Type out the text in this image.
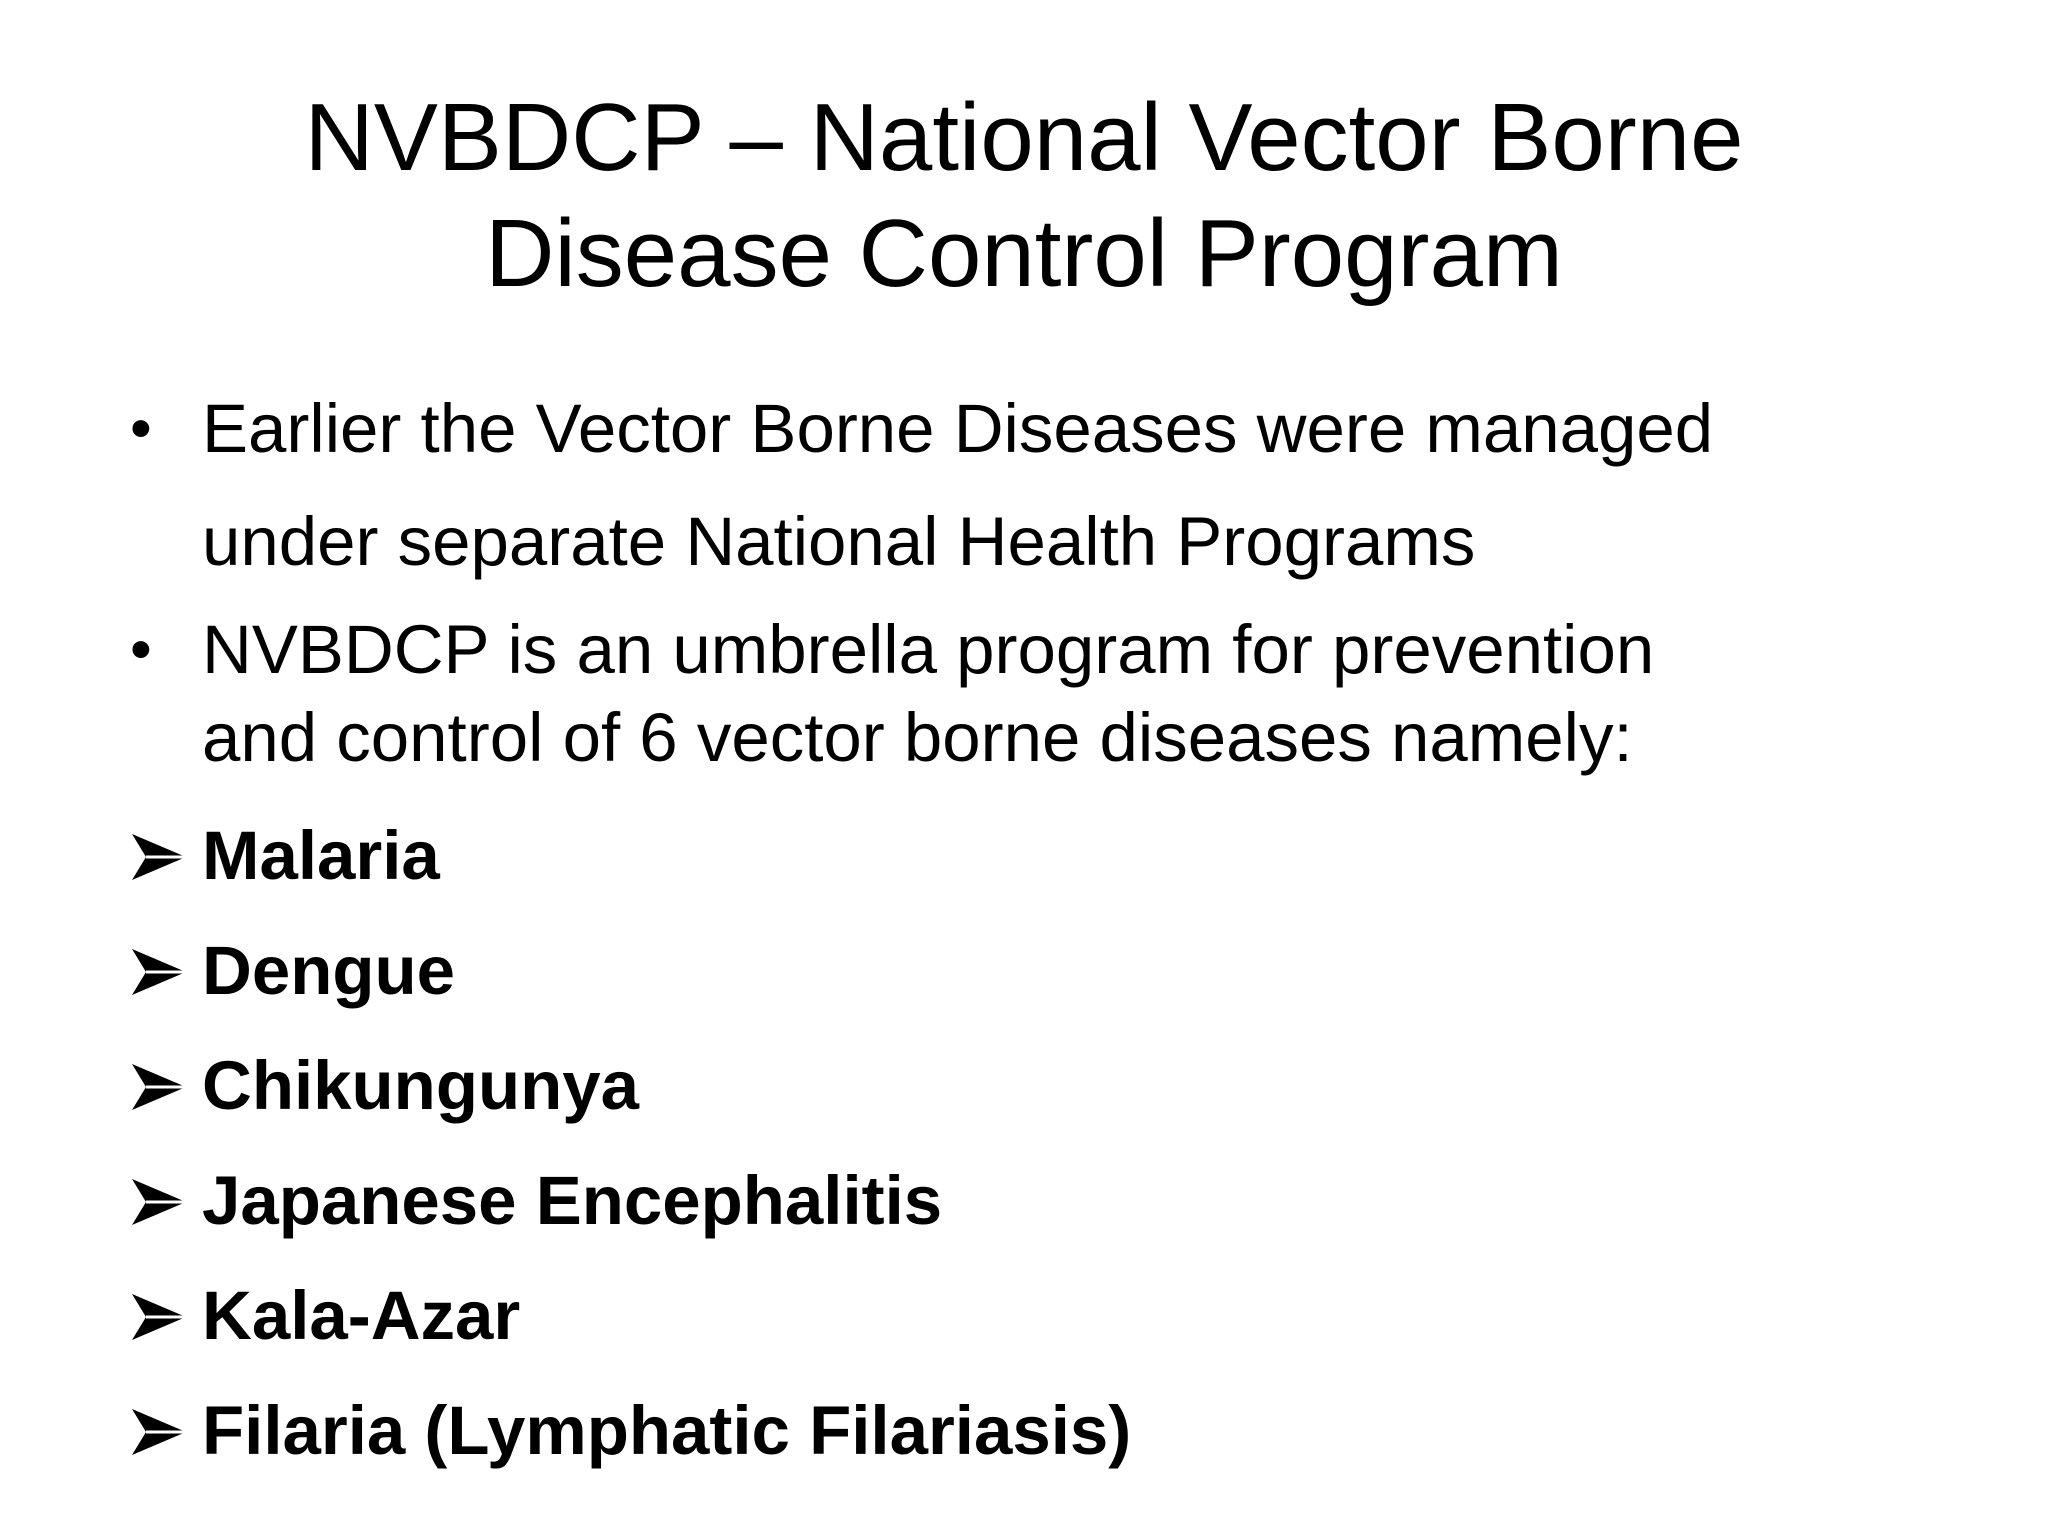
NVBDCP – National Vector Borne
Disease Control Program
• Earlier the Vector Borne Diseases were managed
under separate National Health Programs
• NVBDCP is an umbrella program for prevention
and control of 6 vector borne diseases namely:
Malaria
Dengue
Chikungunya
Japanese Encephalitis
Kala-Azar
Filaria (Lymphatic Filariasis)
